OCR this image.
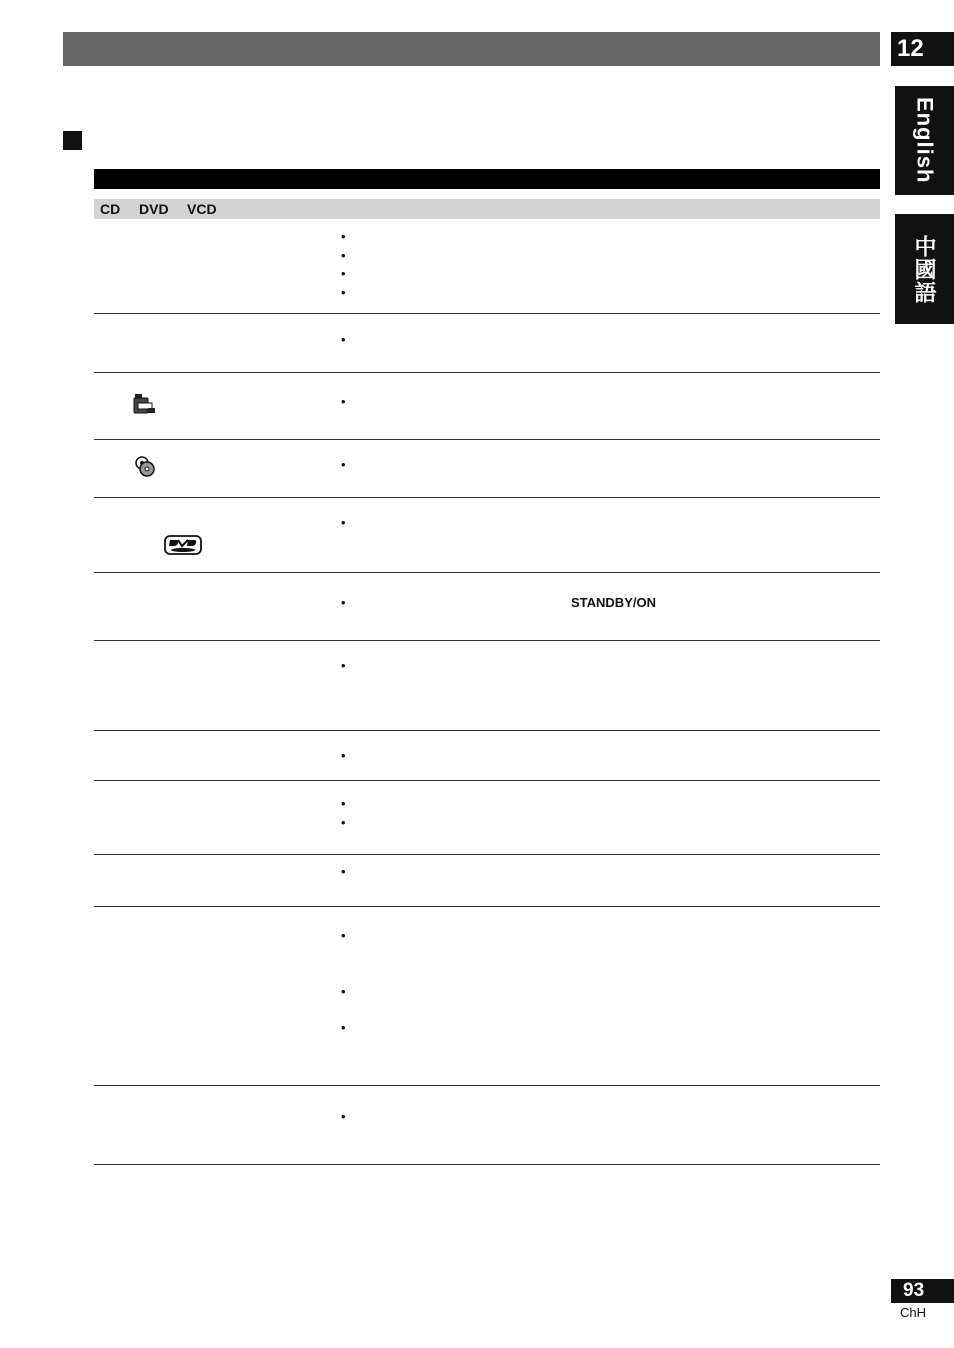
12
English
中國語
CD DVD VCD
•
•
•
•
•
•
•
•
•
•
•
•
•
•
•
•
•
•
STANDBY/ON
93
ChH
